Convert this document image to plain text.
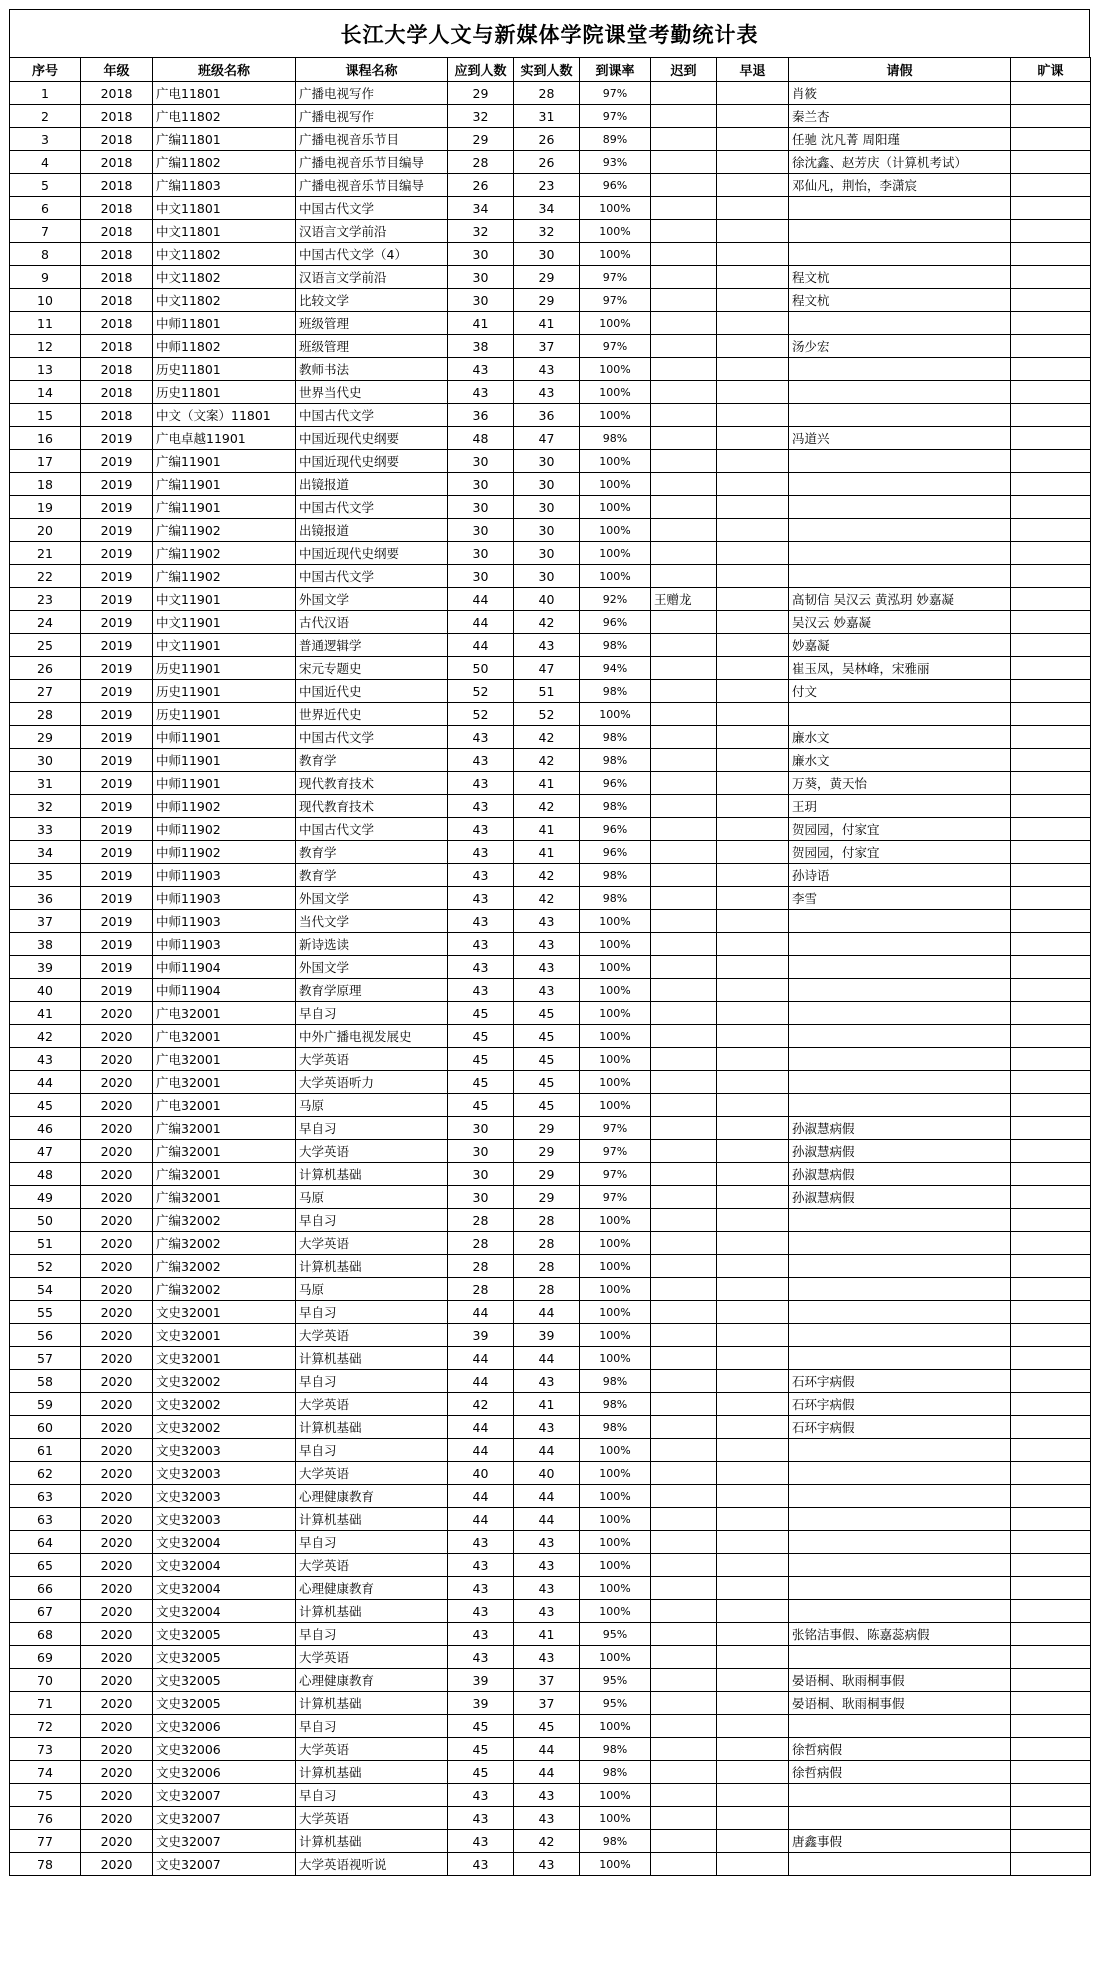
长江大学人文与新媒体学院课堂考勤统计表
序号	年级	班级名称	课程名称	应到人数	实到人数	到课率	迟到	早退	请假	旷课
1	2018	广电11801	广播电视写作	29	28	97%			肖筱	
2	2018	广电11802	广播电视写作	32	31	97%			秦兰杏	
3	2018	广编11801	广播电视音乐节目	29	26	89%			任驰 沈凡菁 周阳瑾	
4	2018	广编11802	广播电视音乐节目编导	28	26	93%			徐沈鑫、赵芳庆（计算机考试）	
5	2018	广编11803	广播电视音乐节目编导	26	23	96%			邓仙凡，荆怡，李潇宸	
6	2018	中文11801	中国古代文学	34	34	100%				
7	2018	中文11801	汉语言文学前沿	32	32	100%				
8	2018	中文11802	中国古代文学（4）	30	30	100%				
9	2018	中文11802	汉语言文学前沿	30	29	97%			程文杭	
10	2018	中文11802	比较文学	30	29	97%			程文杭	
11	2018	中师11801	班级管理	41	41	100%				
12	2018	中师11802	班级管理	38	37	97%			汤少宏	
13	2018	历史11801	教师书法	43	43	100%				
14	2018	历史11801	世界当代史	43	43	100%				
15	2018	中文（文案）11801	中国古代文学	36	36	100%				
16	2019	广电卓越11901	中国近现代史纲要	48	47	98%			冯道兴	
17	2019	广编11901	中国近现代史纲要	30	30	100%				
18	2019	广编11901	出镜报道	30	30	100%				
19	2019	广编11901	中国古代文学	30	30	100%				
20	2019	广编11902	出镜报道	30	30	100%				
21	2019	广编11902	中国近现代史纲要	30	30	100%				
22	2019	广编11902	中国古代文学	30	30	100%				
23	2019	中文11901	外国文学	44	40	92%	王赠龙		高韧信 吴汉云 黄泓玥 妙嘉凝	
24	2019	中文11901	古代汉语	44	42	96%			吴汉云 妙嘉凝	
25	2019	中文11901	普通逻辑学	44	43	98%			妙嘉凝	
26	2019	历史11901	宋元专题史	50	47	94%			崔玉凤，吴林峰，宋雅丽	
27	2019	历史11901	中国近代史	52	51	98%			付文	
28	2019	历史11901	世界近代史	52	52	100%				
29	2019	中师11901	中国古代文学	43	42	98%			廉水文	
30	2019	中师11901	教育学	43	42	98%			廉水文	
31	2019	中师11901	现代教育技术	43	41	96%			万葵，黄天怡	
32	2019	中师11902	现代教育技术	43	42	98%			王玥	
33	2019	中师11902	中国古代文学	43	41	96%			贺园园，付家宜	
34	2019	中师11902	教育学	43	41	96%			贺园园，付家宜	
35	2019	中师11903	教育学	43	42	98%			孙诗语	
36	2019	中师11903	外国文学	43	42	98%			李雪	
37	2019	中师11903	当代文学	43	43	100%				
38	2019	中师11903	新诗选读	43	43	100%				
39	2019	中师11904	外国文学	43	43	100%				
40	2019	中师11904	教育学原理	43	43	100%				
41	2020	广电32001	早自习	45	45	100%				
42	2020	广电32001	中外广播电视发展史	45	45	100%				
43	2020	广电32001	大学英语	45	45	100%				
44	2020	广电32001	大学英语听力	45	45	100%				
45	2020	广电32001	马原	45	45	100%				
46	2020	广编32001	早自习	30	29	97%			孙淑慧病假	
47	2020	广编32001	大学英语	30	29	97%			孙淑慧病假	
48	2020	广编32001	计算机基础	30	29	97%			孙淑慧病假	
49	2020	广编32001	马原	30	29	97%			孙淑慧病假	
50	2020	广编32002	早自习	28	28	100%				
51	2020	广编32002	大学英语	28	28	100%				
52	2020	广编32002	计算机基础	28	28	100%				
54	2020	广编32002	马原	28	28	100%				
55	2020	文史32001	早自习	44	44	100%				
56	2020	文史32001	大学英语	39	39	100%				
57	2020	文史32001	计算机基础	44	44	100%				
58	2020	文史32002	早自习	44	43	98%			石环宇病假	
59	2020	文史32002	大学英语	42	41	98%			石环宇病假	
60	2020	文史32002	计算机基础	44	43	98%			石环宇病假	
61	2020	文史32003	早自习	44	44	100%				
62	2020	文史32003	大学英语	40	40	100%				
63	2020	文史32003	心理健康教育	44	44	100%				
63	2020	文史32003	计算机基础	44	44	100%				
64	2020	文史32004	早自习	43	43	100%				
65	2020	文史32004	大学英语	43	43	100%				
66	2020	文史32004	心理健康教育	43	43	100%				
67	2020	文史32004	计算机基础	43	43	100%				
68	2020	文史32005	早自习	43	41	95%			张铭洁事假、陈嘉蕊病假	
69	2020	文史32005	大学英语	43	43	100%				
70	2020	文史32005	心理健康教育	39	37	95%			晏语桐、耿雨桐事假	
71	2020	文史32005	计算机基础	39	37	95%			晏语桐、耿雨桐事假	
72	2020	文史32006	早自习	45	45	100%				
73	2020	文史32006	大学英语	45	44	98%			徐哲病假	
74	2020	文史32006	计算机基础	45	44	98%			徐哲病假	
75	2020	文史32007	早自习	43	43	100%				
76	2020	文史32007	大学英语	43	43	100%				
77	2020	文史32007	计算机基础	43	42	98%			唐鑫事假	
78	2020	文史32007	大学英语视听说	43	43	100%				
